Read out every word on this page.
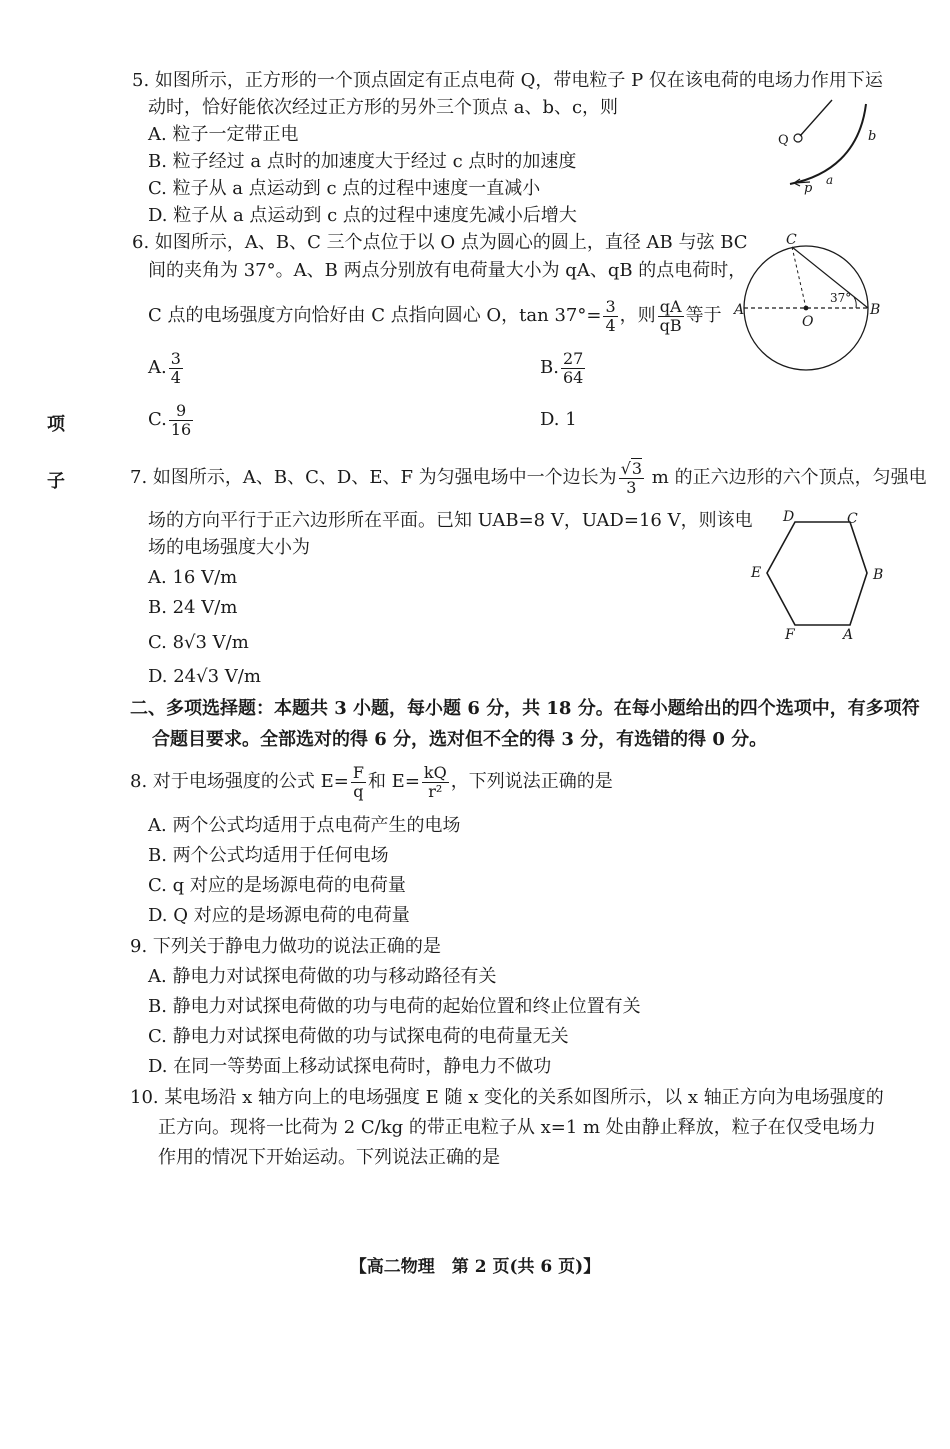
项
子
5. 如图所示，正方形的一个顶点固定有正点电荷 Q，带电粒子 P 仅在该电荷的电场力作用下运
动时，恰好能依次经过正方形的另外三个顶点 a、b、c，则
A. 粒子一定带正电
B. 粒子经过 a 点时的加速度大于经过 c 点时的加速度
C. 粒子从 a 点运动到 c 点的过程中速度一直减小
D. 粒子从 a 点运动到 c 点的过程中速度先减小后增大
Q
p
a
b
6. 如图所示，A、B、C 三个点位于以 O 点为圆心的圆上，直径 AB 与弦 BC
间的夹角为 37°。A、B 两点分别放有电荷量大小为 qA、qB 的点电荷时，
C 点的电场强度方向恰好由 C 点指向圆心 O，$\tan 37^\circ= \frac{3}{4}$ ，则 $\frac{qA}{qB}$ 等于
A. $\frac{3}{4}$	B. $\frac{27}{64}$
C. $\frac{9}{16}$	D. 1
C
A	B
O
37°
7. 如图所示，A、B、C、D、E、F 为匀强电场中一个边长为 $\frac{√3}{3}$ m 的正六边形的六个顶点，匀强电
场的方向平行于正六边形所在平面。已知 UAB=8 V，UAD=16 V，则该电
场的电场强度大小为
A. 16 V/m
B. 24 V/m
C. 8√3 V/m
D. 24√3 V/m
D	C
B
A
F
E
二、多项选择题：本题共 3 小题，每小题 6 分，共 18 分。在每小题给出的四个选项中，有多项符
合题目要求。全部选对的得 6 分，选对但不全的得 3 分，有选错的得 0 分。
8. 对于电场强度的公式 $E= \frac{F}{q}$ 和 $E= \frac{kQ}{\text{r²}}$ ，下列说法正确的是
A. 两个公式均适用于点电荷产生的电场
B. 两个公式均适用于任何电场
C. q 对应的是场源电荷的电荷量
D. Q 对应的是场源电荷的电荷量
9. 下列关于静电力做功的说法正确的是
A. 静电力对试探电荷做的功与移动路径有关
B. 静电力对试探电荷做的功与电荷的起始位置和终止位置有关
C. 静电力对试探电荷做的功与试探电荷的电荷量无关
D. 在同一等势面上移动试探电荷时，静电力不做功
10. 某电场沿 x 轴方向上的电场强度 E 随 x 变化的关系如图所示，以 x 轴正方向为电场强度的
正方向。现将一比荷为 2 C/kg 的带正电粒子从 x=1 m 处由静止释放，粒子在仅受电场力
作用的情况下开始运动。下列说法正确的是
【高二物理　第 2 页(共 6 页)】
